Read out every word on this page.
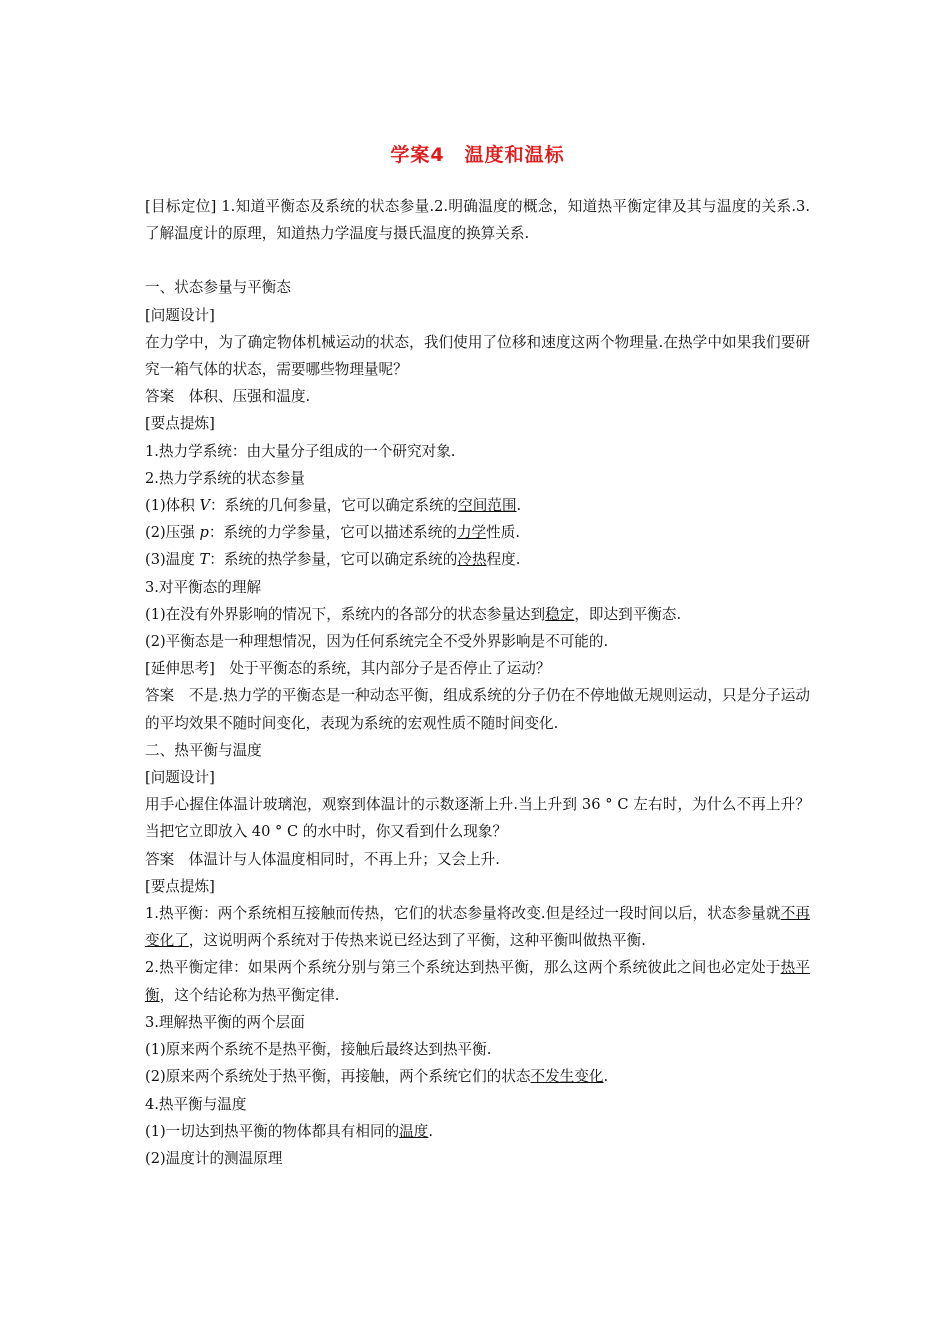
学案4　温度和温标
[目标定位] 1.知道平衡态及系统的状态参量.2.明确温度的概念，知道热平衡定律及其与温度的关系.3.了解温度计的原理，知道热力学温度与摄氏温度的换算关系.
一、状态参量与平衡态
[问题设计]
在力学中，为了确定物体机械运动的状态，我们使用了位移和速度这两个物理量.在热学中如果我们要研究一箱气体的状态，需要哪些物理量呢？
答案　体积、压强和温度.
[要点提炼]
1.热力学系统：由大量分子组成的一个研究对象.
2.热力学系统的状态参量
(1)体积 V：系统的几何参量，它可以确定系统的空间范围.
(2)压强 p：系统的力学参量，它可以描述系统的力学性质.
(3)温度 T：系统的热学参量，它可以确定系统的冷热程度.
3.对平衡态的理解
(1)在没有外界影响的情况下，系统内的各部分的状态参量达到稳定，即达到平衡态.
(2)平衡态是一种理想情况，因为任何系统完全不受外界影响是不可能的.
[延伸思考]　处于平衡态的系统，其内部分子是否停止了运动？
答案　不是.热力学的平衡态是一种动态平衡，组成系统的分子仍在不停地做无规则运动，只是分子运动的平均效果不随时间变化，表现为系统的宏观性质不随时间变化.
二、热平衡与温度
[问题设计]
用手心握住体温计玻璃泡，观察到体温计的示数逐渐上升.当上升到 36 ° C 左右时，为什么不再上升？当把它立即放入 40 ° C 的水中时，你又看到什么现象？
答案　体温计与人体温度相同时，不再上升；又会上升.
[要点提炼]
1.热平衡：两个系统相互接触而传热，它们的状态参量将改变.但是经过一段时间以后，状态参量就不再变化了，这说明两个系统对于传热来说已经达到了平衡，这种平衡叫做热平衡.
2.热平衡定律：如果两个系统分别与第三个系统达到热平衡，那么这两个系统彼此之间也必定处于热平衡，这个结论称为热平衡定律.
3.理解热平衡的两个层面
(1)原来两个系统不是热平衡，接触后最终达到热平衡.
(2)原来两个系统处于热平衡，再接触，两个系统它们的状态不发生变化.
4.热平衡与温度
(1)一切达到热平衡的物体都具有相同的温度.
(2)温度计的测温原理
